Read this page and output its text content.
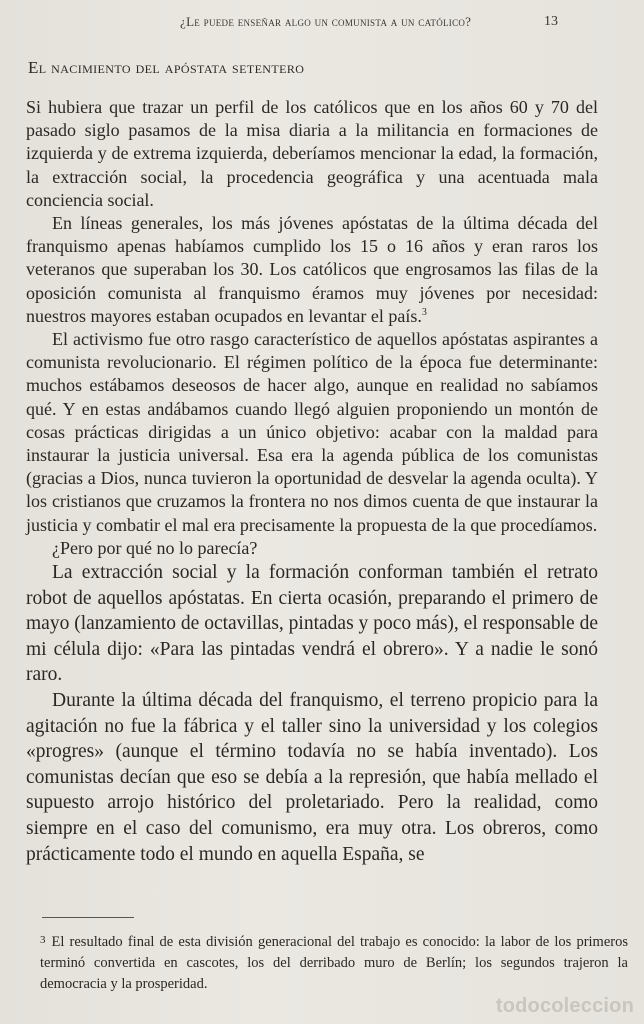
¿Le puede enseñar algo un comunista a un católico?	13
El nacimiento del apóstata setentero

Si hubiera que trazar un perfil de los católicos que en los años 60 y 70 del pasado siglo pasamos de la misa diaria a la militancia en formaciones de izquierda y de extrema izquierda, deberíamos mencionar la edad, la formación, la extracción social, la procedencia geográfica y una acentuada mala conciencia social.

En líneas generales, los más jóvenes apóstatas de la última década del franquismo apenas habíamos cumplido los 15 o 16 años y eran raros los veteranos que superaban los 30. Los católicos que engrosamos las filas de la oposición comunista al franquismo éramos muy jóvenes por necesidad: nuestros mayores estaban ocupados en levantar el país.$^3$

El activismo fue otro rasgo característico de aquellos apóstatas aspirantes a comunista revolucionario. El régimen político de la época fue determinante: muchos estábamos deseosos de hacer algo, aunque en realidad no sabíamos qué. Y en estas andábamos cuando llegó alguien proponiendo un montón de cosas prácticas dirigidas a un único objetivo: acabar con la maldad para instaurar la justicia universal. Esa era la agenda pública de los comunistas (gracias a Dios, nunca tuvieron la oportunidad de desvelar la agenda oculta). Y los cristianos que cruzamos la frontera no nos dimos cuenta de que instaurar la justicia y combatir el mal era precisamente la propuesta de la que procedíamos.

¿Pero por qué no lo parecía?

La extracción social y la formación conforman también el retrato robot de aquellos apóstatas. En cierta ocasión, preparando el primero de mayo (lanzamiento de octavillas, pintadas y poco más), el responsable de mi célula dijo: «Para las pintadas vendrá el obrero». Y a nadie le sonó raro.

Durante la última década del franquismo, el terreno propicio para la agitación no fue la fábrica y el taller sino la universidad y los colegios «progres» (aunque el término todavía no se había inventado). Los comunistas decían que eso se debía a la represión, que había mellado el supuesto arrojo histórico del proletariado. Pero la realidad, como siempre en el caso del comunismo, era muy otra. Los obreros, como prácticamente todo el mundo en aquella España, se

$^3$ El resultado final de esta división generacional del trabajo es conocido: la labor de los primeros terminó convertida en cascotes, los del derribado muro de Berlín; los segundos trajeron la democracia y la prosperidad.
todocoleccion
